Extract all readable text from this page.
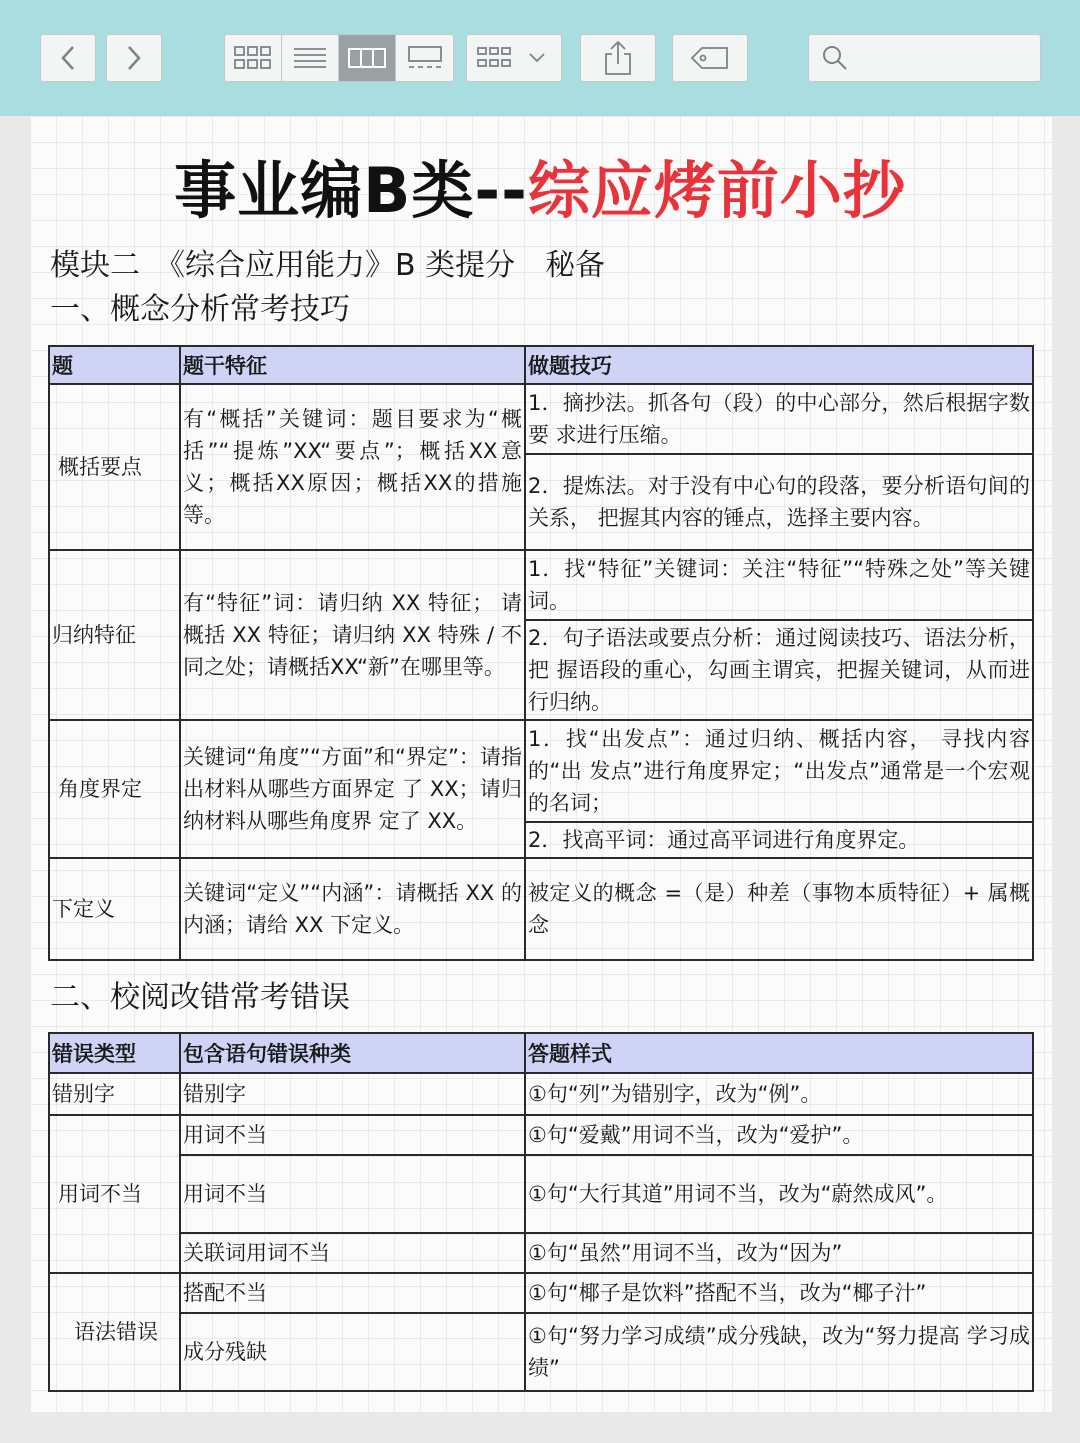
事业编B类--综应烤前小抄
模块二　《综合应用能力》B 类提分　秘备
一、概念分析常考技巧
题	题干特征	做题技巧
概括要点	有“概括”关键词：题目要求为“概括”“提炼”XX“要点”；概括XX意义；概括XX原因；概括XX的措施等。	1．摘抄法。抓各句（段）的中心部分，然后根据字数要 求进行压缩。
		2．提炼法。对于没有中心句的段落，要分析语句间的关系， 把握其内容的锤点，选择主要内容。
归纳特征	有“特征”词：请归纳 XX 特征； 请概括 XX 特征；请归纳 XX 特殊 / 不同之处；请概括XX“新”在哪里等。	1．找“特征”关键词：关注“特征”“特殊之处”等关键词。
		2．句子语法或要点分析：通过阅读技巧、语法分析，把 握语段的重心，勾画主谓宾，把握关键词，从而进行归纳。
角度界定	关键词“角度”“方面”和“界定”：请指出材料从哪些方面界定 了 XX；请归纳材料从哪些角度界 定了 XX。	1．找“出发点”：通过归纳、概括内容， 寻找内容的“出 发点”进行角度界定；“出发点”通常是一个宏观的名词；
		2．找高平词：通过高平词进行角度界定。
下定义	关键词“定义”“内涵”：请概括 XX 的内涵；请给 XX 下定义。	被定义的概念 =（是）种差（事物本质特征）+ 属概念
二、校阅改错常考错误
错误类型	包含语句错误种类	答题样式
错别字	错别字	①句“列”为错别字，改为“例”。
用词不当	用词不当	①句“爱戴”用词不当，改为“爱护”。
	用词不当	①句“大行其道”用词不当，改为“蔚然成风”。
	关联词用词不当	①句“虽然”用词不当，改为“因为”
语法错误	搭配不当	①句“椰子是饮料”搭配不当，改为“椰子汁”
	成分残缺	①句“努力学习成绩”成分残缺，改为“努力提高 学习成绩”
